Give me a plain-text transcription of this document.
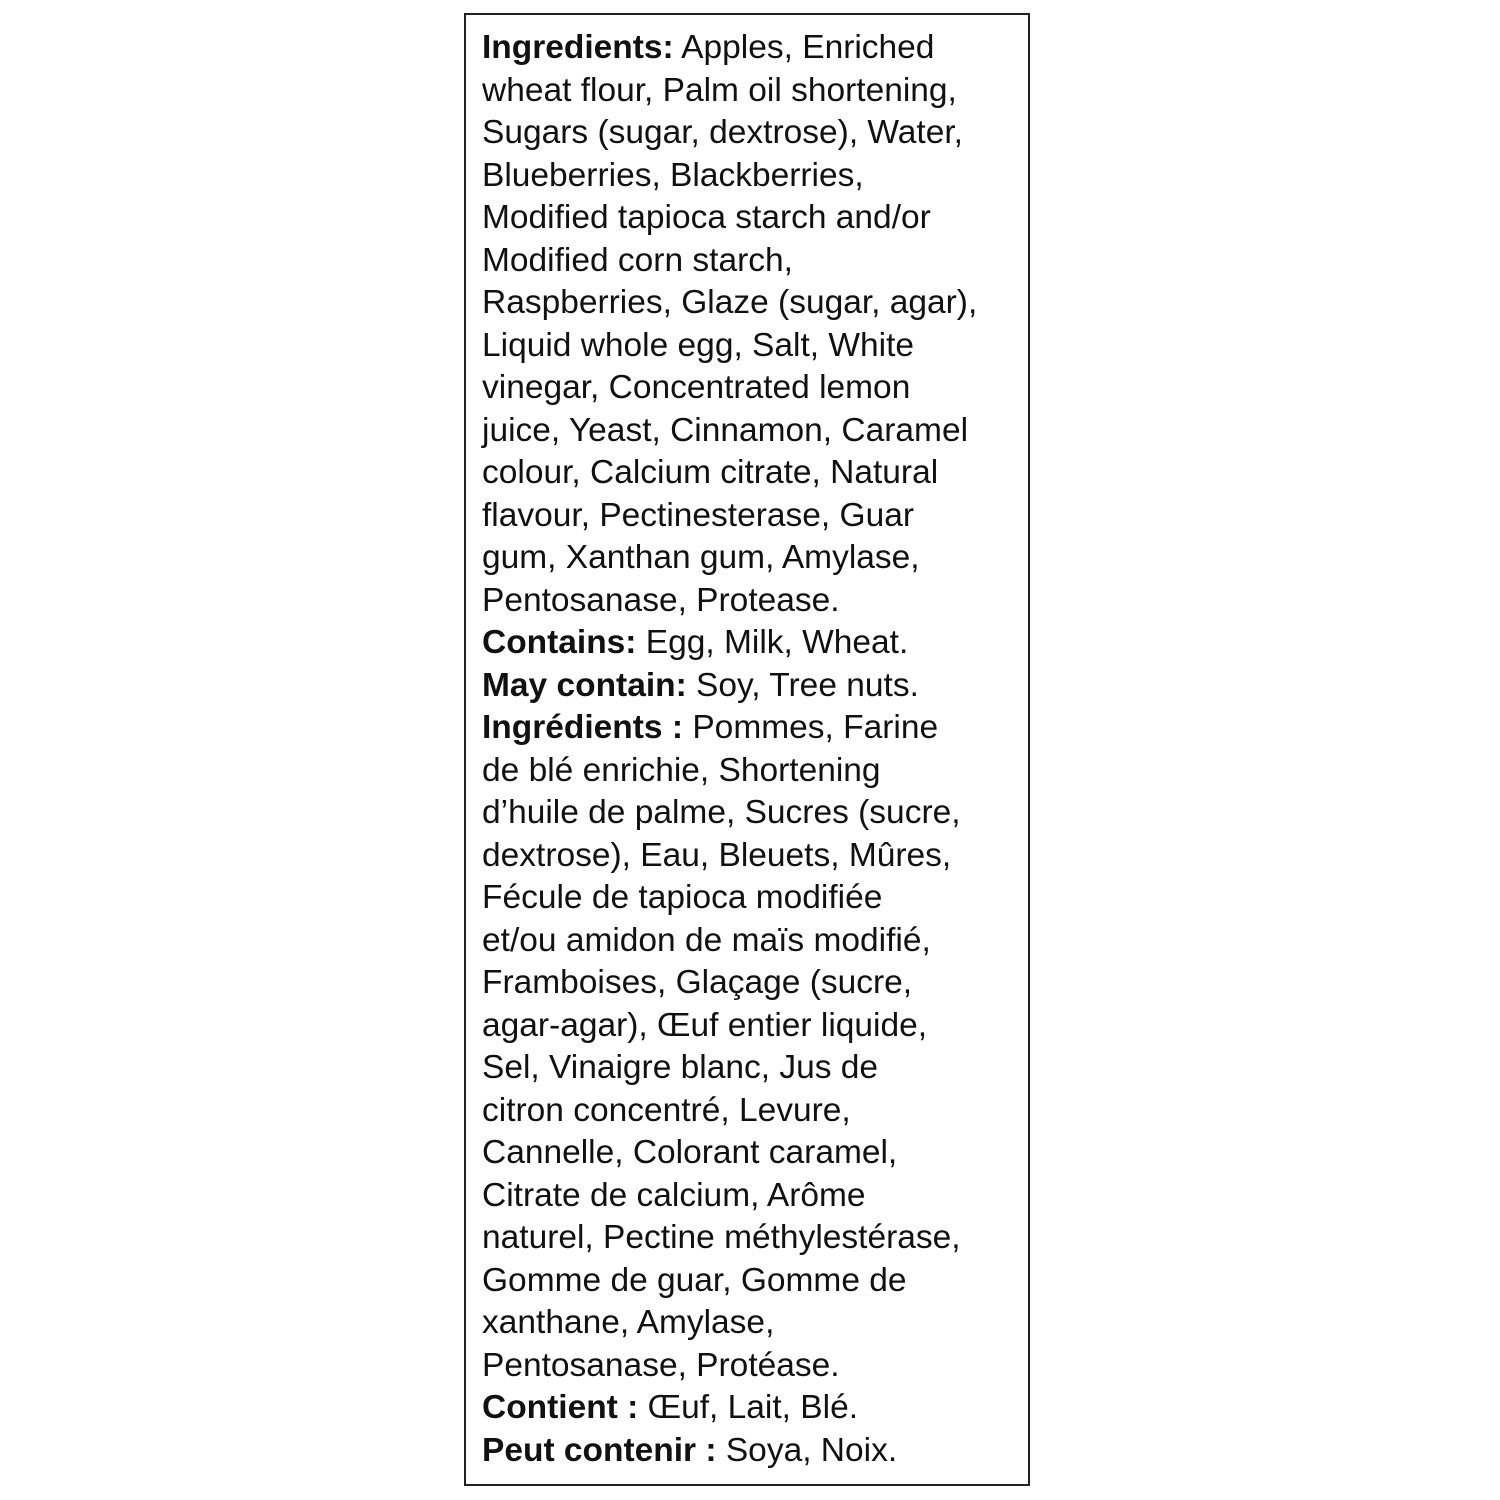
Ingredients: Apples, Enriched
wheat flour, Palm oil shortening,
Sugars (sugar, dextrose), Water,
Blueberries, Blackberries,
Modified tapioca starch and/or
Modified corn starch,
Raspberries, Glaze (sugar, agar),
Liquid whole egg, Salt, White
vinegar, Concentrated lemon
juice, Yeast, Cinnamon, Caramel
colour, Calcium citrate, Natural
flavour, Pectinesterase, Guar
gum, Xanthan gum, Amylase,
Pentosanase, Protease.
Contains: Egg, Milk, Wheat.
May contain: Soy, Tree nuts.
Ingrédients : Pommes, Farine
de blé enrichie, Shortening
d’huile de palme, Sucres (sucre,
dextrose), Eau, Bleuets, Mûres,
Fécule de tapioca modifiée
et/ou amidon de maïs modifié,
Framboises, Glaçage (sucre,
agar-agar), Œuf entier liquide,
Sel, Vinaigre blanc, Jus de
citron concentré, Levure,
Cannelle, Colorant caramel,
Citrate de calcium, Arôme
naturel, Pectine méthylestérase,
Gomme de guar, Gomme de
xanthane, Amylase,
Pentosanase, Protéase.
Contient : Œuf, Lait, Blé.
Peut contenir : Soya, Noix.
